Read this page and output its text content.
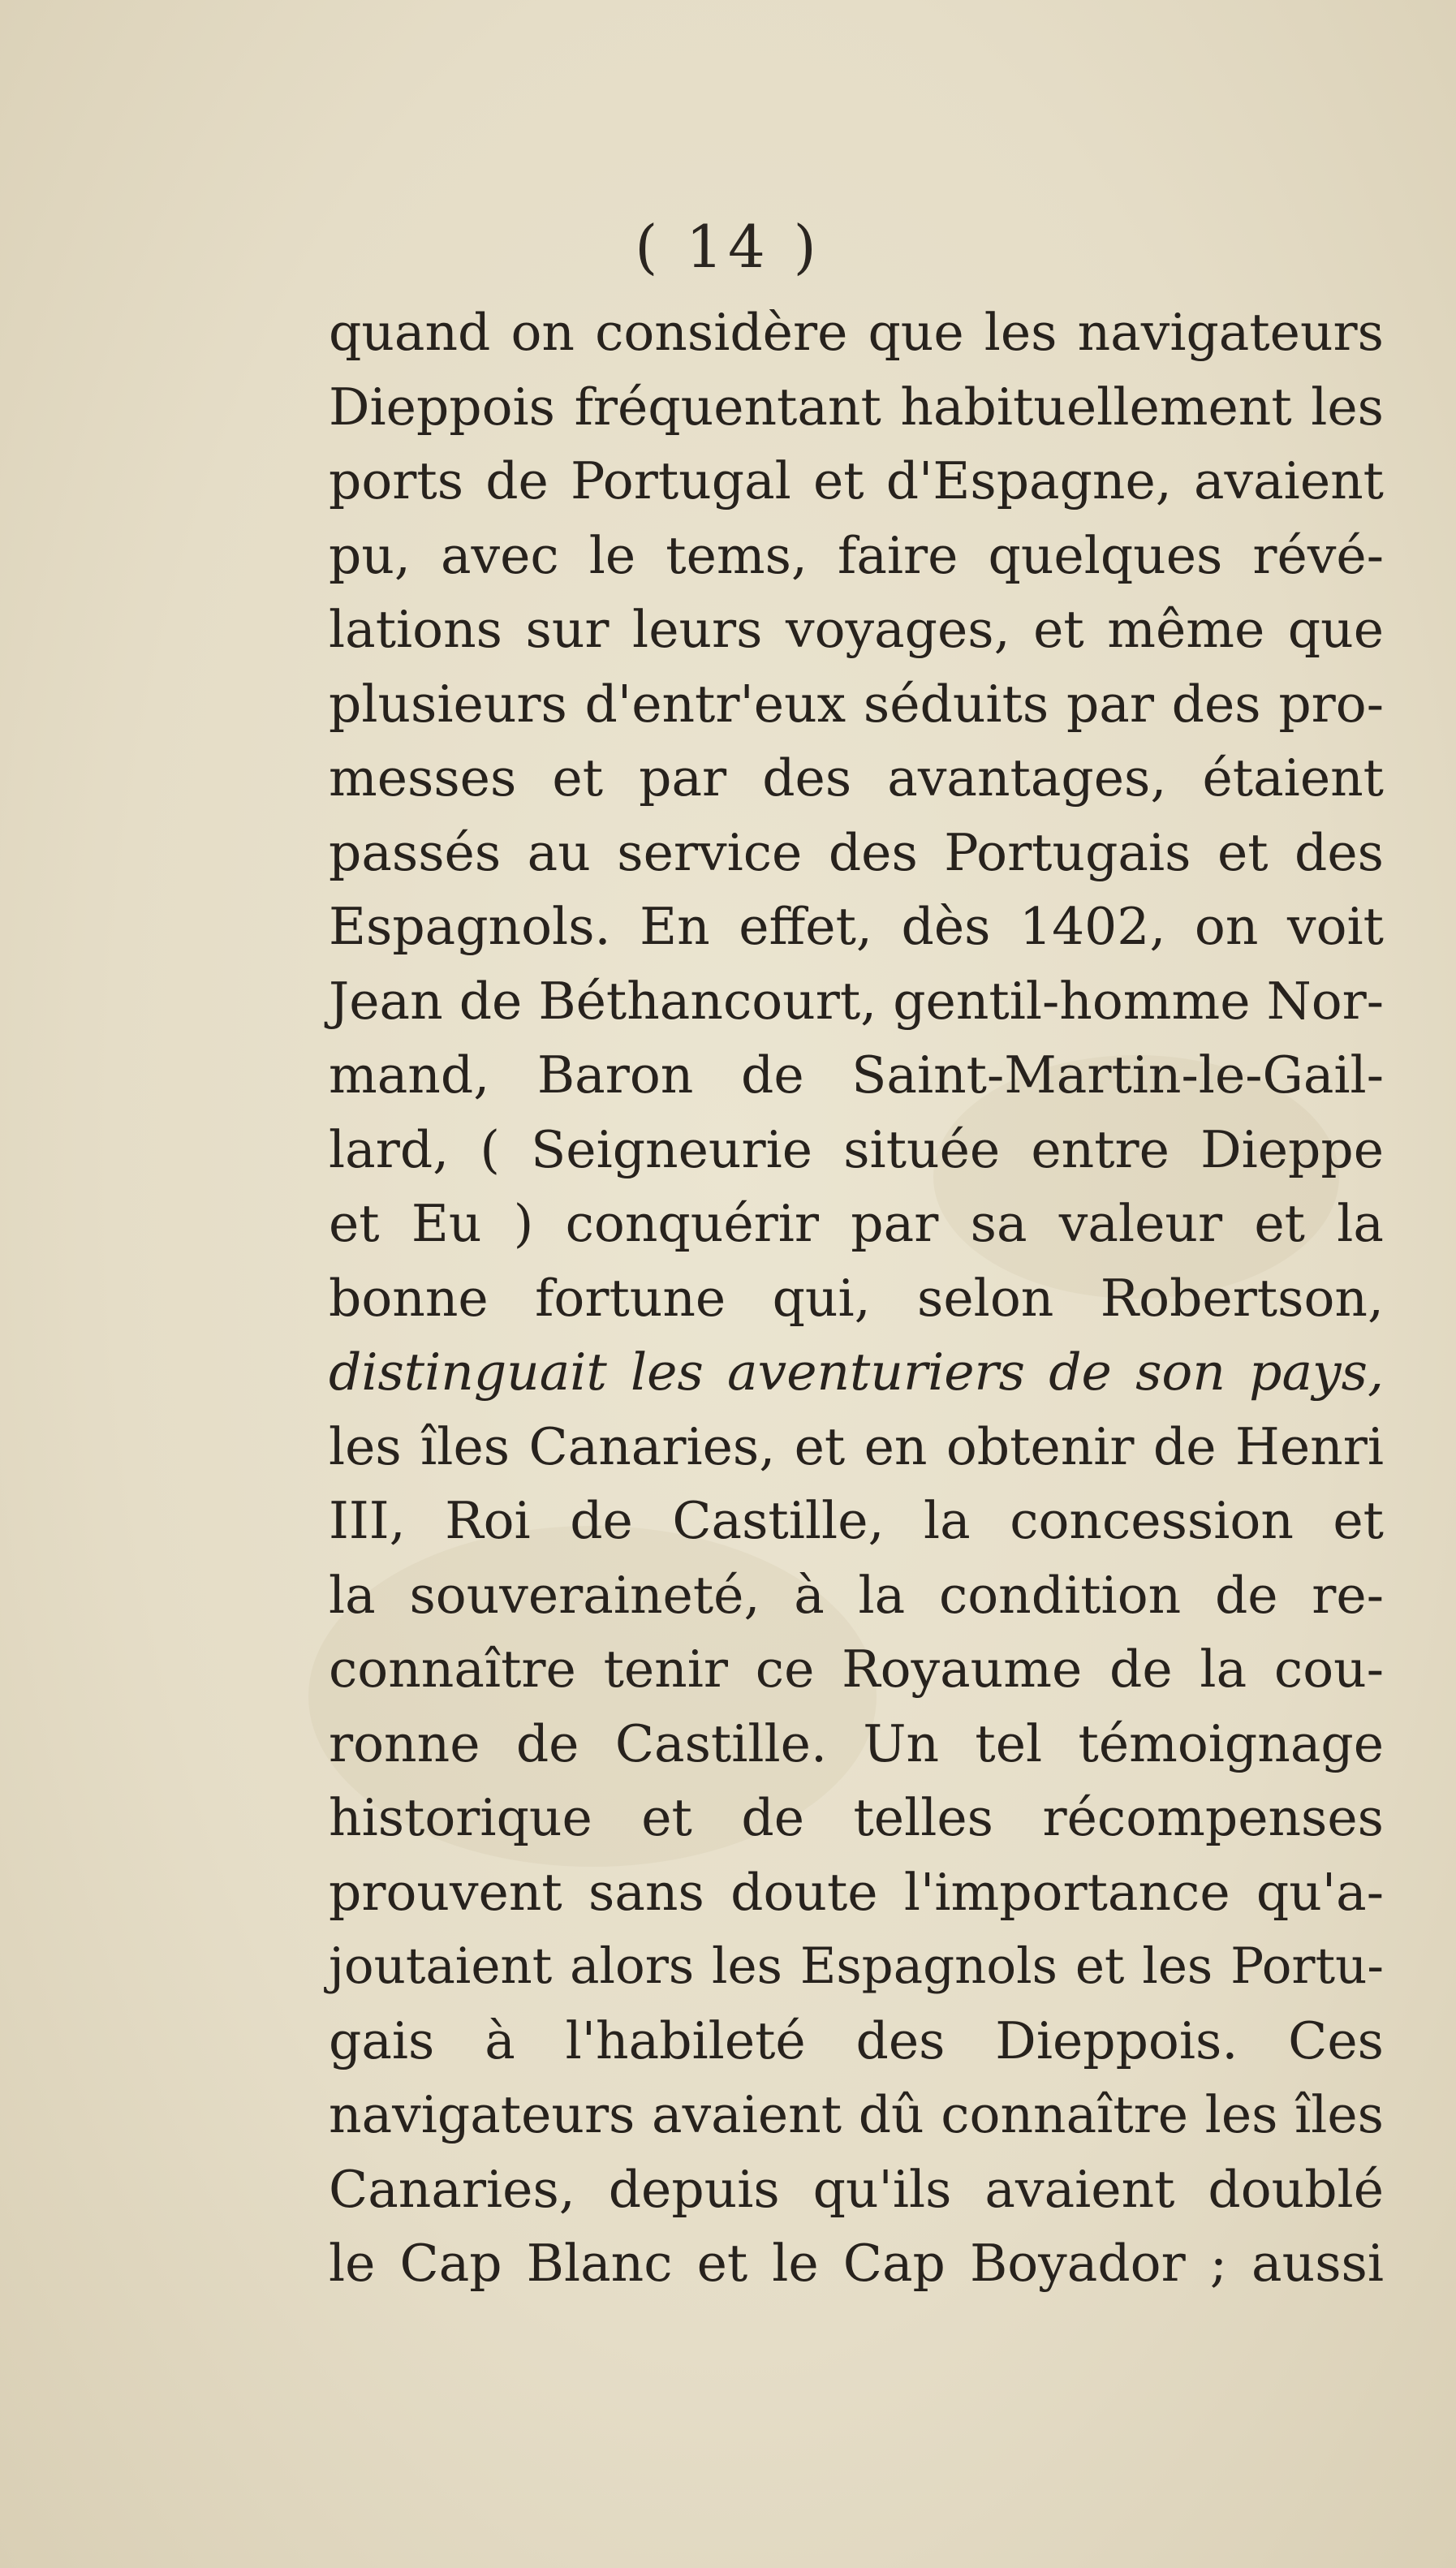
( 14 )
quand on considère que les navigateurs
Dieppois fréquentant habituellement les
ports de Portugal et d'Espagne, avaient
pu, avec le tems, faire quelques révé-
lations sur leurs voyages, et même que
plusieurs d'entr'eux séduits par des pro-
messes et par des avantages, étaient
passés au service des Portugais et des
Espagnols. En effet, dès 1402, on voit
Jean de Béthancourt, gentil-homme Nor-
mand, Baron de Saint-Martin-le-Gail-
lard, ( Seigneurie située entre Dieppe
et Eu ) conquérir par sa valeur et la
bonne fortune qui, selon Robertson,
distinguait les aventuriers de son pays,
les îles Canaries, et en obtenir de Henri
III, Roi de Castille, la concession et
la souveraineté, à la condition de re-
connaître tenir ce Royaume de la cou-
ronne de Castille. Un tel témoignage
historique et de telles récompenses
prouvent sans doute l'importance qu'a-
joutaient alors les Espagnols et les Portu-
gais à l'habileté des Dieppois. Ces
navigateurs avaient dû connaître les îles
Canaries, depuis qu'ils avaient doublé
le Cap Blanc et le Cap Boyador ; aussi
